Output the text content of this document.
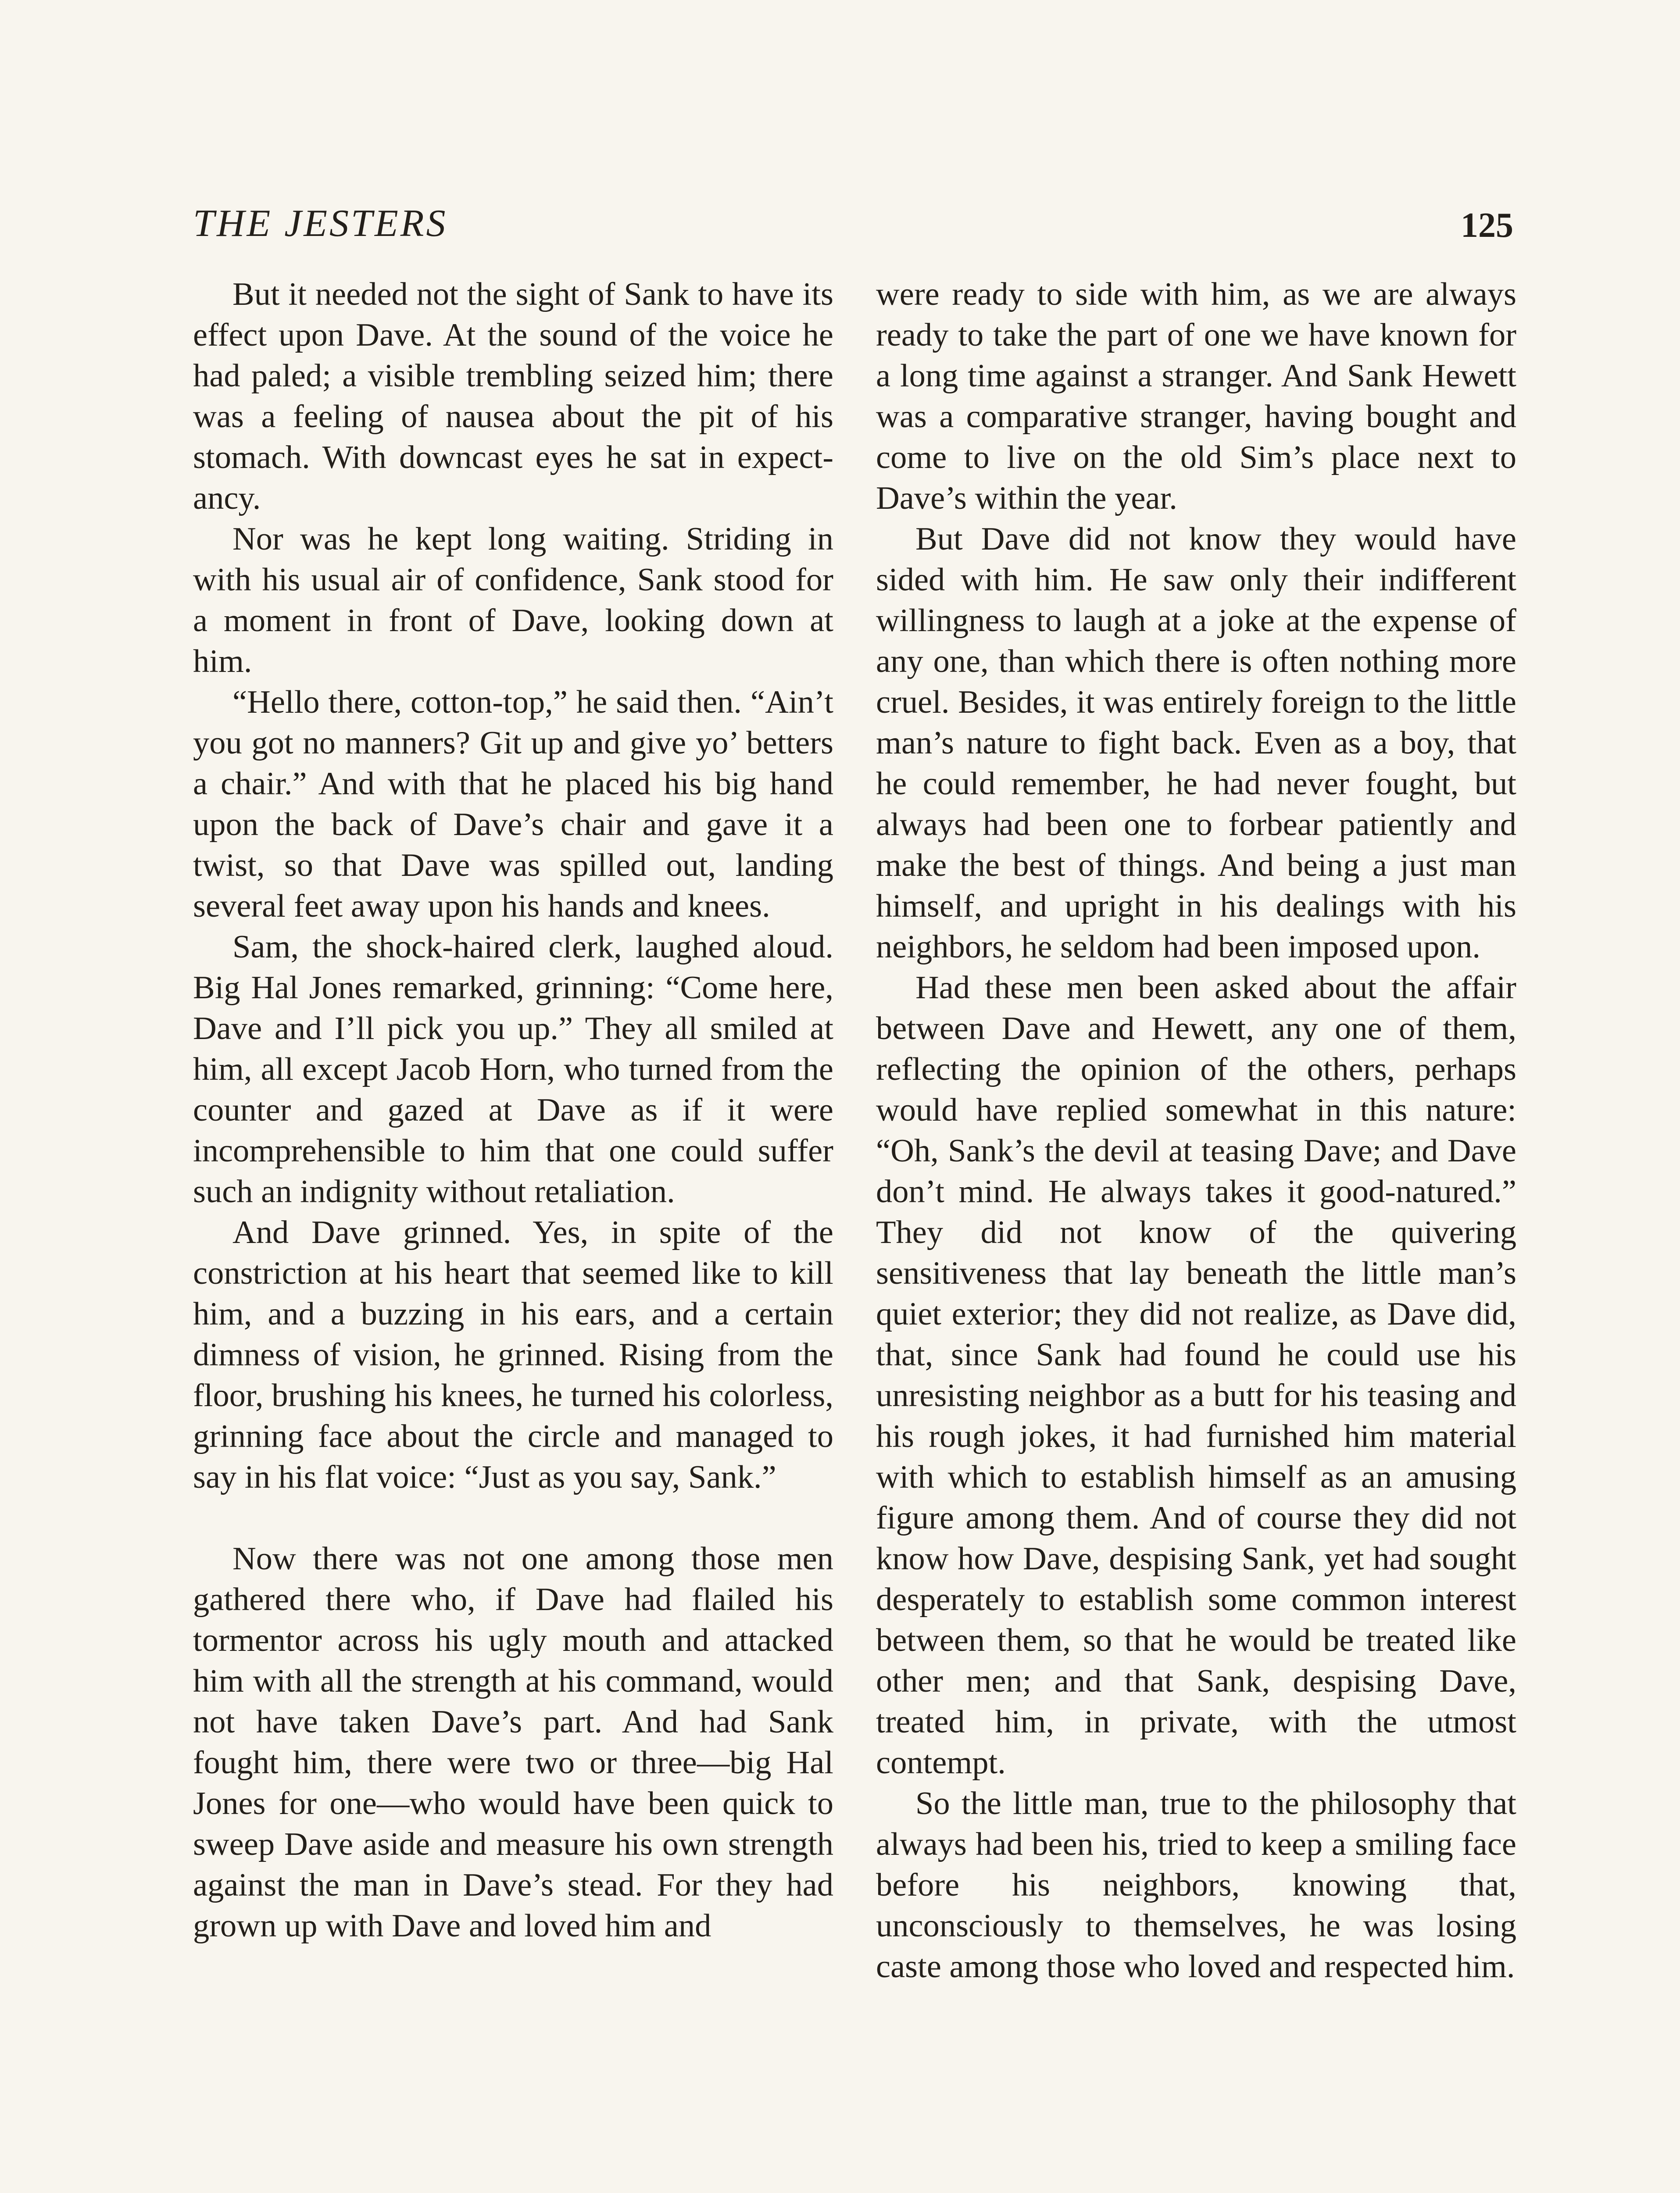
THE JESTERS	125

But it needed not the sight of Sank to have its effect upon Dave. At the sound of the voice he had paled; a visible trembling seized him; there was a feeling of nausea about the pit of his stomach. With downcast eyes he sat in expectancy.

Nor was he kept long waiting. Striding in with his usual air of confidence, Sank stood for a moment in front of Dave, looking down at him.

“Hello there, cotton-top,” he said then. “Ain’t you got no manners? Git up and give yo’ betters a chair.” And with that he placed his big hand upon the back of Dave’s chair and gave it a twist, so that Dave was spilled out, landing several feet away upon his hands and knees.

Sam, the shock-haired clerk, laughed aloud. Big Hal Jones remarked, grinning: “Come here, Dave and I’ll pick you up.” They all smiled at him, all except Jacob Horn, who turned from the counter and gazed at Dave as if it were incomprehensible to him that one could suffer such an indignity without retaliation.

And Dave grinned. Yes, in spite of the constriction at his heart that seemed like to kill him, and a buzzing in his ears, and a certain dimness of vision, he grinned. Rising from the floor, brushing his knees, he turned his colorless, grinning face about the circle and managed to say in his flat voice: “Just as you say, Sank.”

Now there was not one among those men gathered there who, if Dave had flailed his tormentor across his ugly mouth and attacked him with all the strength at his command, would not have taken Dave’s part. And had Sank fought him, there were two or three—big Hal Jones for one—who would have been quick to sweep Dave aside and measure his own strength against the man in Dave’s stead. For they had grown up with Dave and loved him and

were ready to side with him, as we are always ready to take the part of one we have known for a long time against a stranger. And Sank Hewett was a comparative stranger, having bought and come to live on the old Sim’s place next to Dave’s within the year.

But Dave did not know they would have sided with him. He saw only their indifferent willingness to laugh at a joke at the expense of any one, than which there is often nothing more cruel. Besides, it was entirely foreign to the little man’s nature to fight back. Even as a boy, that he could remember, he had never fought, but always had been one to forbear patiently and make the best of things. And being a just man himself, and upright in his dealings with his neighbors, he seldom had been imposed upon.

Had these men been asked about the affair between Dave and Hewett, any one of them, reflecting the opinion of the others, perhaps would have replied somewhat in this nature: “Oh, Sank’s the devil at teasing Dave; and Dave don’t mind. He always takes it good-natured.” They did not know of the quivering sensitiveness that lay beneath the little man’s quiet exterior; they did not realize, as Dave did, that, since Sank had found he could use his unresisting neighbor as a butt for his teasing and his rough jokes, it had furnished him material with which to establish himself as an amusing figure among them. And of course they did not know how Dave, despising Sank, yet had sought desperately to establish some common interest between them, so that he would be treated like other men; and that Sank, despising Dave, treated him, in private, with the utmost contempt.

So the little man, true to the philosophy that always had been his, tried to keep a smiling face before his neighbors, knowing that, unconsciously to themselves, he was losing caste among those who loved and respected him.
